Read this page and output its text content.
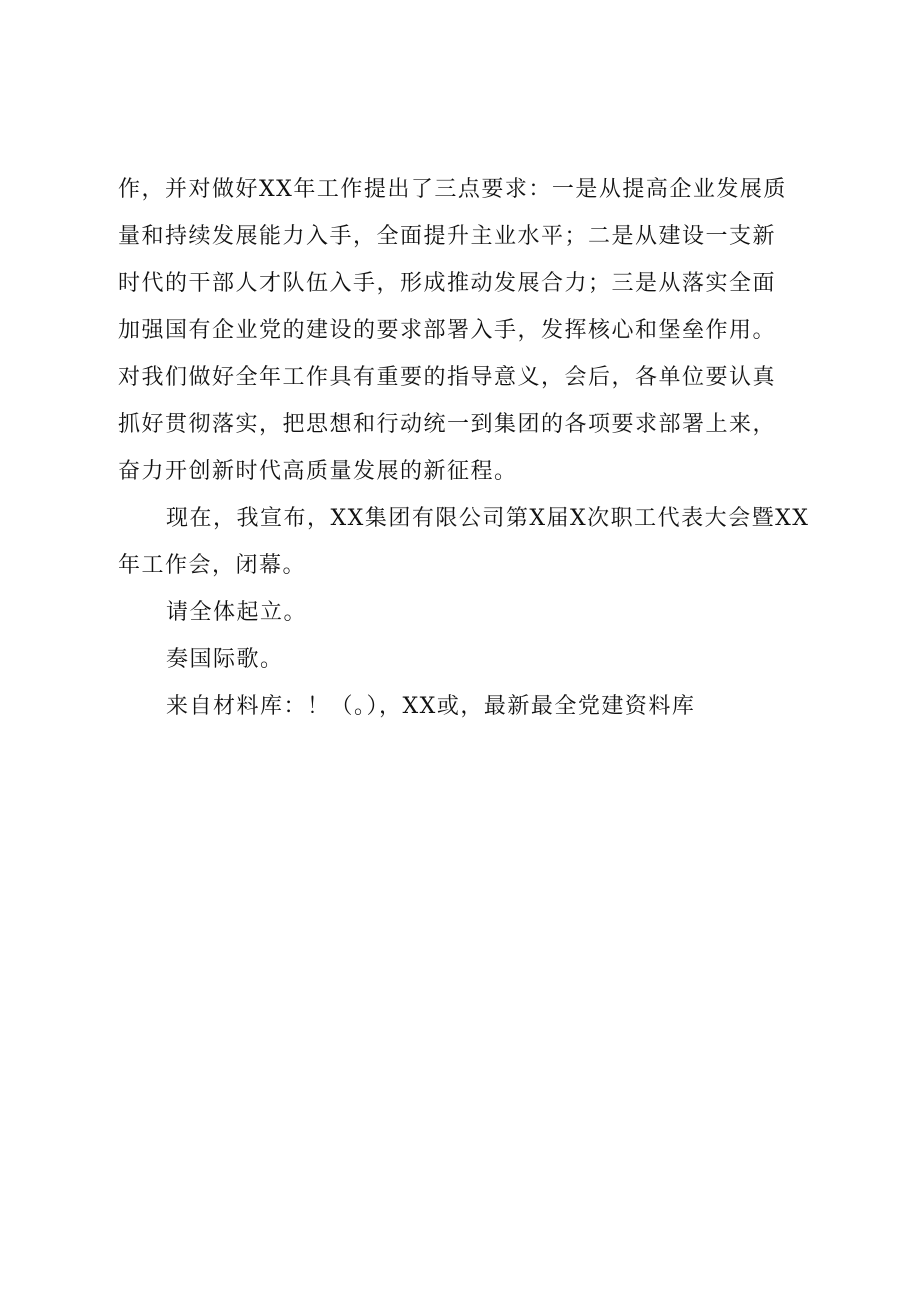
作，并对做好XX年工作提出了三点要求：一是从提高企业发展质
量和持续发展能力入手，全面提升主业水平；二是从建设一支新
时代的干部人才队伍入手，形成推动发展合力；三是从落实全面
加强国有企业党的建设的要求部署入手，发挥核心和堡垒作用。
对我们做好全年工作具有重要的指导意义，会后，各单位要认真
抓好贯彻落实，把思想和行动统一到集团的各项要求部署上来，
奋力开创新时代高质量发展的新征程。
现在，我宣布，XX集团有限公司第X届X次职工代表大会暨XX
年工作会，闭幕。
请全体起立。
奏国际歌。
来自材料库：！（。），XX或，最新最全党建资料库
